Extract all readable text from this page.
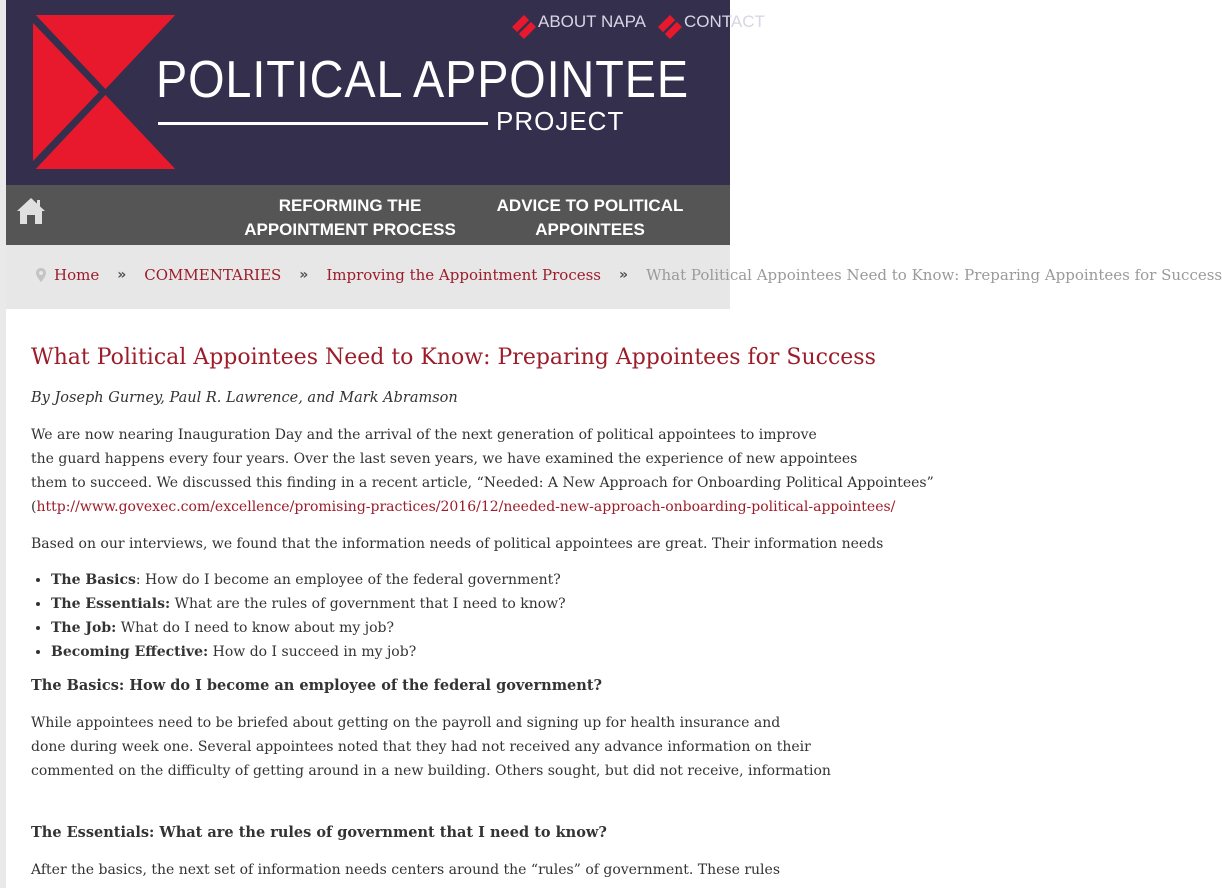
POLITICAL APPOINTEE
PROJECT
ABOUT NAPA CONTACT
REFORMING THE
APPOINTMENT PROCESS
ADVICE TO POLITICAL
APPOINTEES
Home » COMMENTARIES » Improving the Appointment Process » What Political Appointees Need to Know: Preparing Appointees for Success
What Political Appointees Need to Know: Preparing Appointees for Success
By Joseph Gurney, Paul R. Lawrence, and Mark Abramson
We are now nearing Inauguration Day and the arrival of the next generation of political appointees to improve
the guard happens every four years. Over the last seven years, we have examined the experience of new appointees
them to succeed. We discussed this finding in a recent article, “Needed: A New Approach for Onboarding Political Appointees”
(http://www.govexec.com/excellence/promising-practices/2016/12/needed-new-approach-onboarding-political-appointees/
Based on our interviews, we found that the information needs of political appointees are great. Their information needs
• The Basics: How do I become an employee of the federal government?
• The Essentials: What are the rules of government that I need to know?
• The Job: What do I need to know about my job?
• Becoming Effective: How do I succeed in my job?
The Basics: How do I become an employee of the federal government?
While appointees need to be briefed about getting on the payroll and signing up for health insurance and
done during week one. Several appointees noted that they had not received any advance information on their
commented on the difficulty of getting around in a new building. Others sought, but did not receive, information
The Essentials: What are the rules of government that I need to know?
After the basics, the next set of information needs centers around the “rules” of government. These rules
